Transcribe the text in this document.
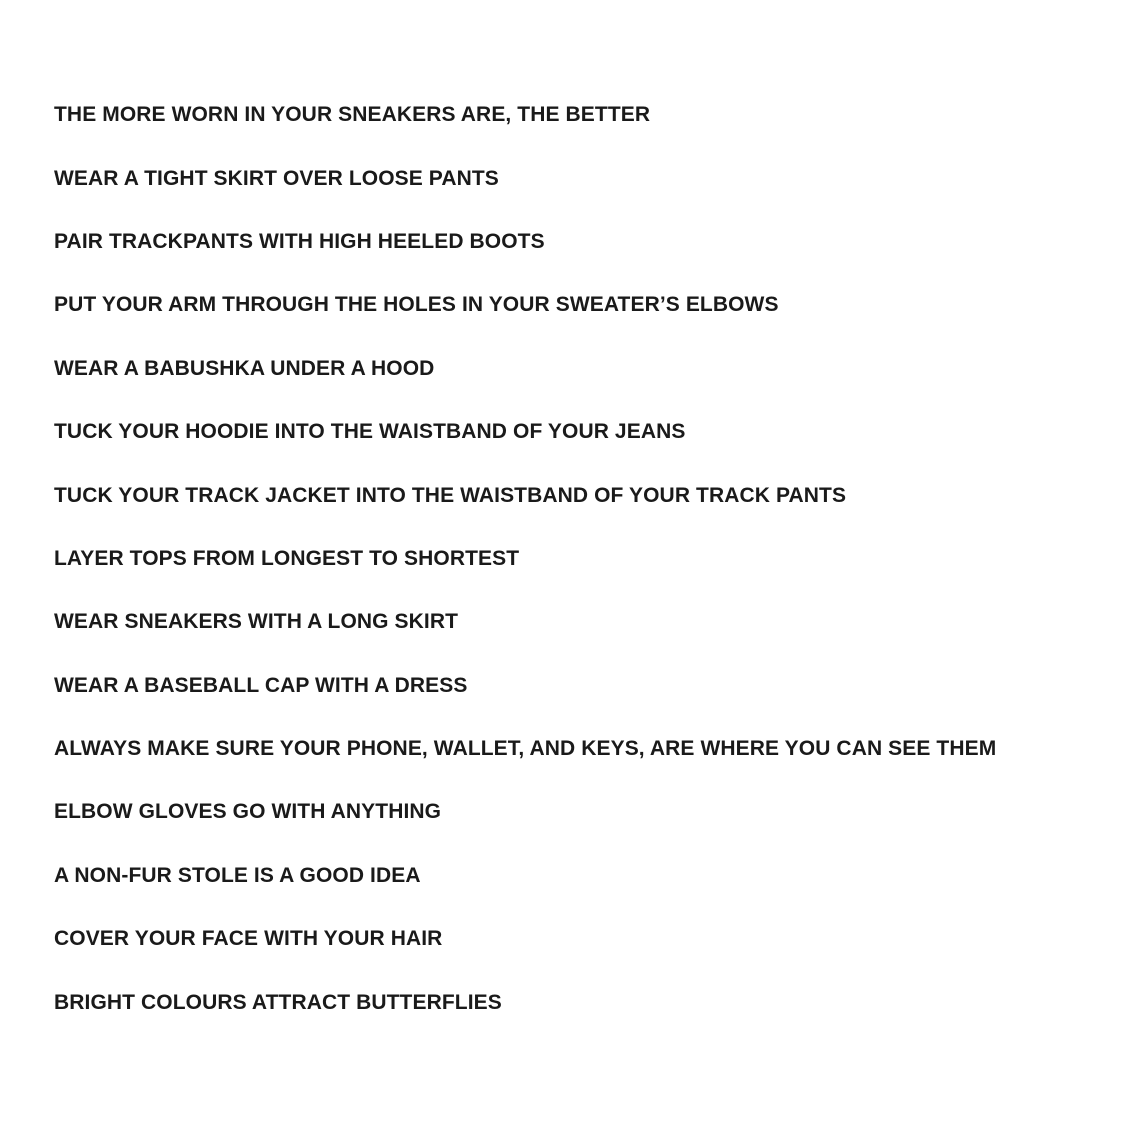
THE MORE WORN IN YOUR SNEAKERS ARE, THE BETTER
WEAR A TIGHT SKIRT OVER LOOSE PANTS
PAIR TRACKPANTS WITH HIGH HEELED BOOTS
PUT YOUR ARM THROUGH THE HOLES IN YOUR SWEATER’S ELBOWS
WEAR A BABUSHKA UNDER A HOOD
TUCK YOUR HOODIE INTO THE WAISTBAND OF YOUR JEANS
TUCK YOUR TRACK JACKET INTO THE WAISTBAND OF YOUR TRACK PANTS
LAYER TOPS FROM LONGEST TO SHORTEST
WEAR SNEAKERS WITH A LONG SKIRT
WEAR A BASEBALL CAP WITH A DRESS
ALWAYS MAKE SURE YOUR PHONE, WALLET, AND KEYS, ARE WHERE YOU CAN SEE THEM
ELBOW GLOVES GO WITH ANYTHING
A NON-FUR STOLE IS A GOOD IDEA
COVER YOUR FACE WITH YOUR HAIR
BRIGHT COLOURS ATTRACT BUTTERFLIES
